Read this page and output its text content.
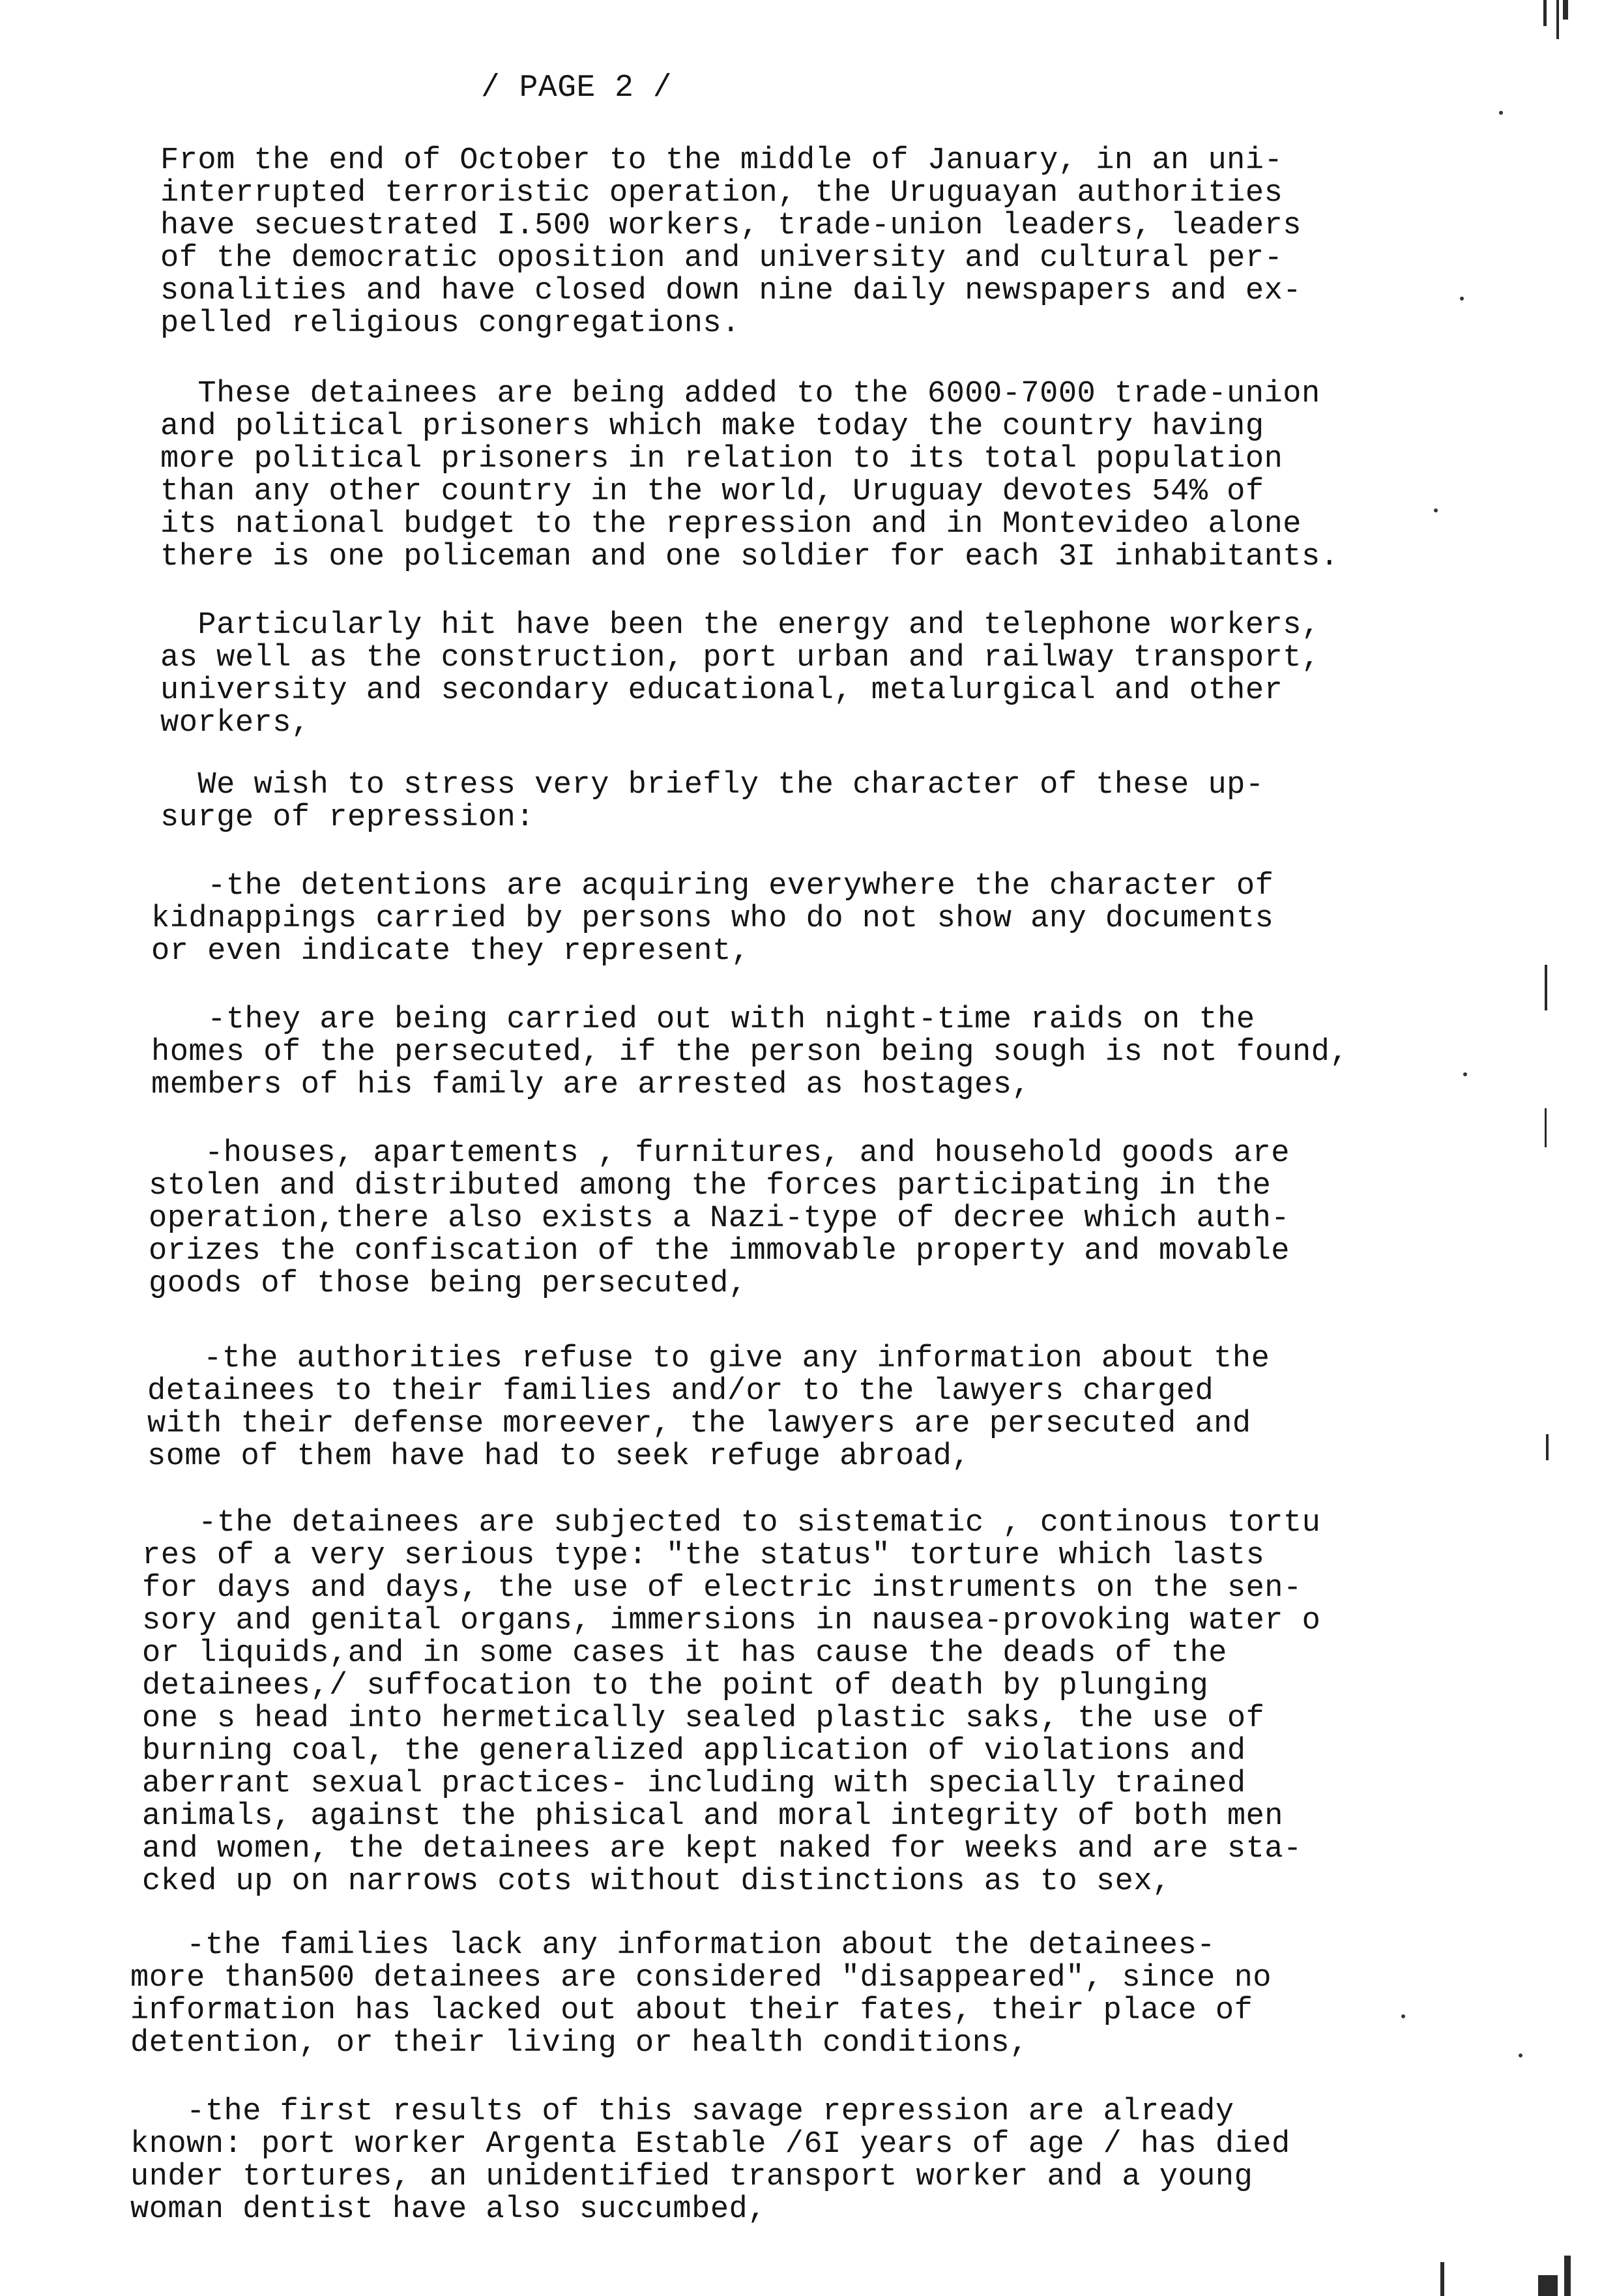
/ PAGE 2 /
From the end of October to the middle of January, in an uni-
interrupted terroristic operation, the Uruguayan authorities
have secuestrated I.500 workers, trade-union leaders, leaders
of the democratic oposition and university and cultural per-
sonalities and have closed down nine daily newspapers and ex-
pelled religious congregations.
These detainees are being added to the 6000-7000 trade-union
and political prisoners which make today the country having
more political prisoners in relation to its total population
than any other country in the world, Uruguay devotes 54% of
its national budget to the repression and in Montevideo alone
there is one policeman and one soldier for each 3I inhabitants.
Particularly hit have been the energy and telephone workers,
as well as the construction, port urban and railway transport,
university and secondary educational, metalurgical and other
workers,
We wish to stress very briefly the character of these up-
surge of repression:
-the detentions are acquiring everywhere the character of
kidnappings carried by persons who do not show any documents
or even indicate they represent,
-they are being carried out with night-time raids on the
homes of the persecuted, if the person being sough is not found,
members of his family are arrested as hostages,
-houses, apartements , furnitures, and household goods are
stolen and distributed among the forces participating in the
operation,there also exists a Nazi-type of decree which auth-
orizes the confiscation of the immovable property and movable
goods of those being persecuted,
-the authorities refuse to give any information about the
detainees to their families and/or to the lawyers charged
with their defense moreever, the lawyers are persecuted and
some of them have had to seek refuge abroad,
-the detainees are subjected to sistematic , continous tortu
res of a very serious type: "the status" torture which lasts
for days and days, the use of electric instruments on the sen-
sory and genital organs, immersions in nausea-provoking water o
or liquids,and in some cases it has cause the deads of the
detainees,/ suffocation to the point of death by plunging
one s head into hermetically sealed plastic saks, the use of
burning coal, the generalized application of violations and
aberrant sexual practices- including with specially trained
animals, against the phisical and moral integrity of both men
and women, the detainees are kept naked for weeks and are sta-
cked up on narrows cots without distinctions as to sex,
-the families lack any information about the detainees-
more than500 detainees are considered "disappeared", since no
information has lacked out about their fates, their place of
detention, or their living or health conditions,
-the first results of this savage repression are already
known: port worker Argenta Estable /6I years of age / has died
under tortures, an unidentified transport worker and a young
woman dentist have also succumbed,
